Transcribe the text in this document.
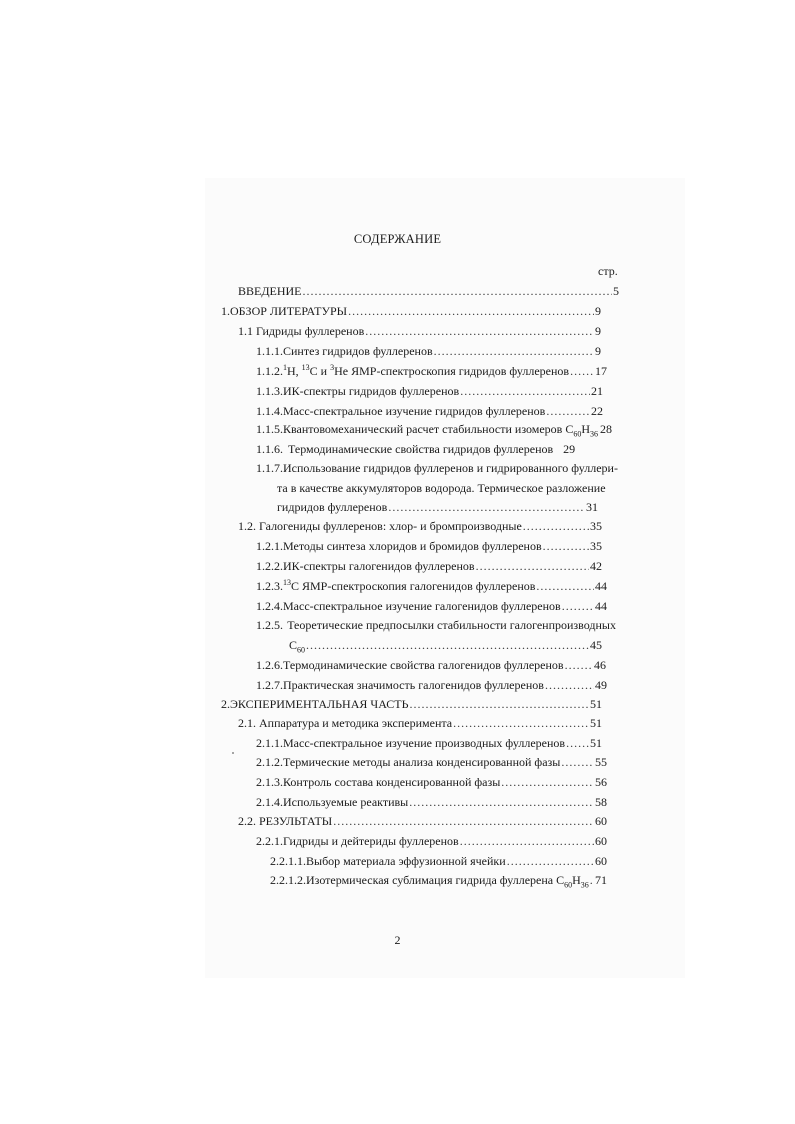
СОДЕРЖАНИЕ
стр.
ВВЕДЕНИЕ .....	5
1. ОБЗОР ЛИТЕРАТУРЫ .....	9
1.1 Гидриды фуллеренов .....	9
1.1.1. Синтез гидридов фуллеренов .....	9
1.1.2. $^1$H, $^{13}$C и $^3$He ЯМР-спектроскопия гидридов фуллеренов ..... 17
1.1.3. ИК-спектры гидридов фуллеренов .....	21
1.1.4. Масс-спектральное изучение гидридов фуллеренов .....	22
1.1.5. Квантовомеханический расчет стабильности изомеров $C_{60}H_{36}$ 28
1.1.6. Термодинамические свойства гидридов фуллеренов 29
1.1.7. Использование гидридов фуллеренов и гидрированного фуллери-
та в качестве аккумуляторов водорода. Термическое разложение
гидридов фуллеренов .....	31
1.2. Галогениды фуллеренов: хлор- и бромпроизводные .....	35
1.2.1. Методы синтеза хлоридов и бромидов фуллеренов .....	35
1.2.2. ИК-спектры галогенидов фуллеренов .....	42
1.2.3. $^{13}$C ЯМР-спектроскопия галогенидов фуллеренов .....	44
1.2.4. Масс-спектральное изучение галогенидов фуллеренов .....	44
1.2.5. Теоретические предпосылки стабильности галогенпроизводных
$C_{60}$ .....	45
1.2.6. Термодинамические свойства галогенидов фуллеренов .....	46
1.2.7. Практическая значимость галогенидов фуллеренов .....	49
2. ЭКСПЕРИМЕНТАЛЬНАЯ ЧАСТЬ .....	51
2.1. Аппаратура и методика эксперимента .....	51
2.1.1. Масс-спектральное изучение производных фуллеренов ..... 51
2.1.2. Термические методы анализа конденсированной фазы .....	55
2.1.3. Контроль состава конденсированной фазы .....	56
2.1.4. Используемые реактивы .....	58
2.2. РЕЗУЛЬТАТЫ .....	60
2.2.1. Гидриды и дейтериды фуллеренов .....	60
2.2.1.1. Выбор материала эффузионной ячейки .....	60
2.2.1.2. Изотермическая сублимация гидрида фуллерена $C_{60}H_{36}$ ..... 71
2
